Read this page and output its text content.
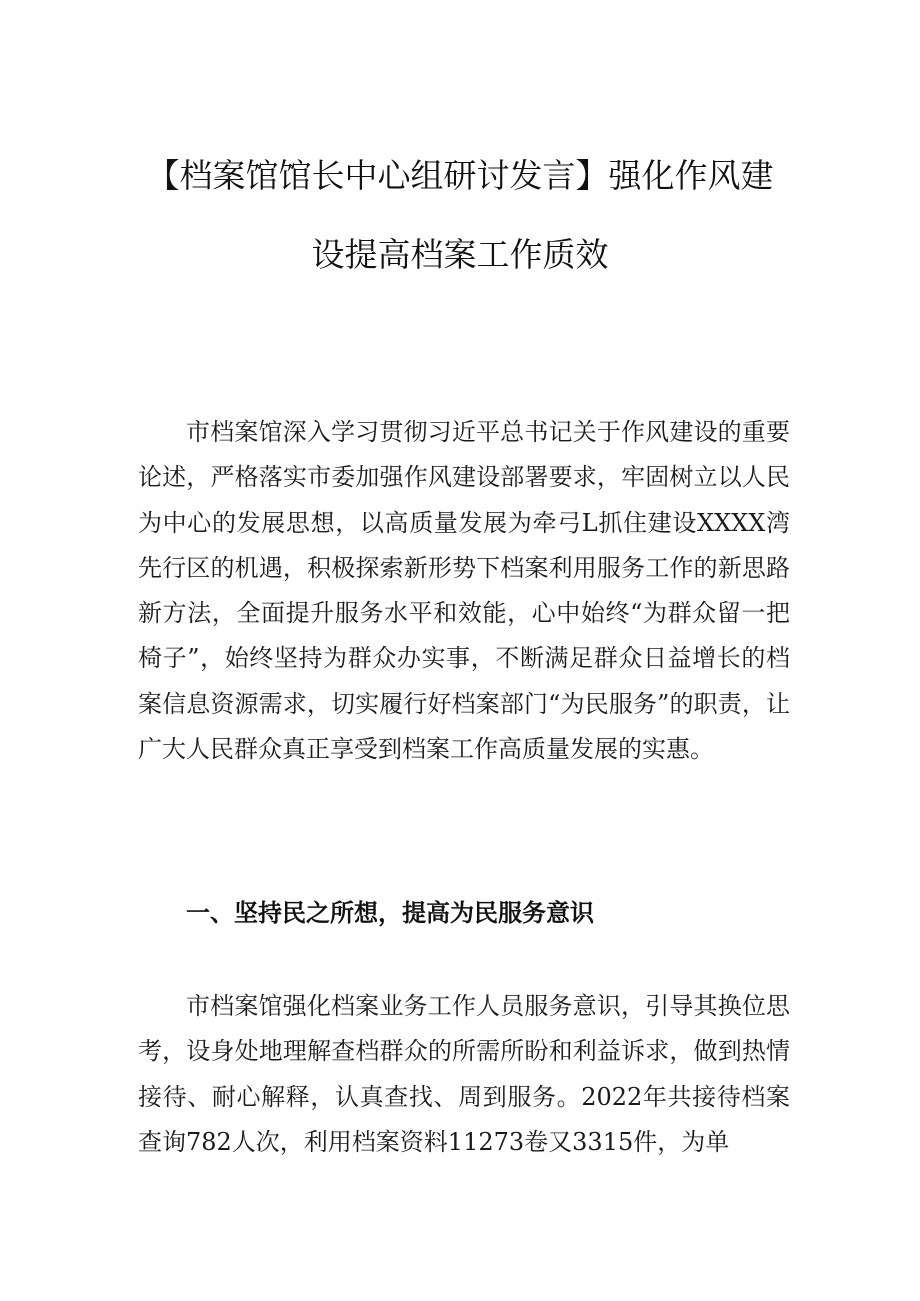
【档案馆馆长中心组研讨发言】强化作风建
设提高档案工作质效

市档案馆深入学习贯彻习近平总书记关于作风建设的重要论述，严格落实市委加强作风建设部署要求，牢固树立以人民为中心的发展思想，以高质量发展为牵弓L抓住建设XXXX湾先行区的机遇，积极探索新形势下档案利用服务工作的新思路新方法，全面提升服务水平和效能，心中始终“为群众留一把椅子”，始终坚持为群众办实事，不断满足群众日益增长的档案信息资源需求，切实履行好档案部门“为民服务”的职责，让广大人民群众真正享受到档案工作高质量发展的实惠。

一、坚持民之所想，提高为民服务意识

市档案馆强化档案业务工作人员服务意识，引导其换位思考，设身处地理解查档群众的所需所盼和利益诉求，做到热情接待、耐心解释，认真查找、周到服务。2022年共接待档案查询782人次，利用档案资料11273卷又3315件，为单
